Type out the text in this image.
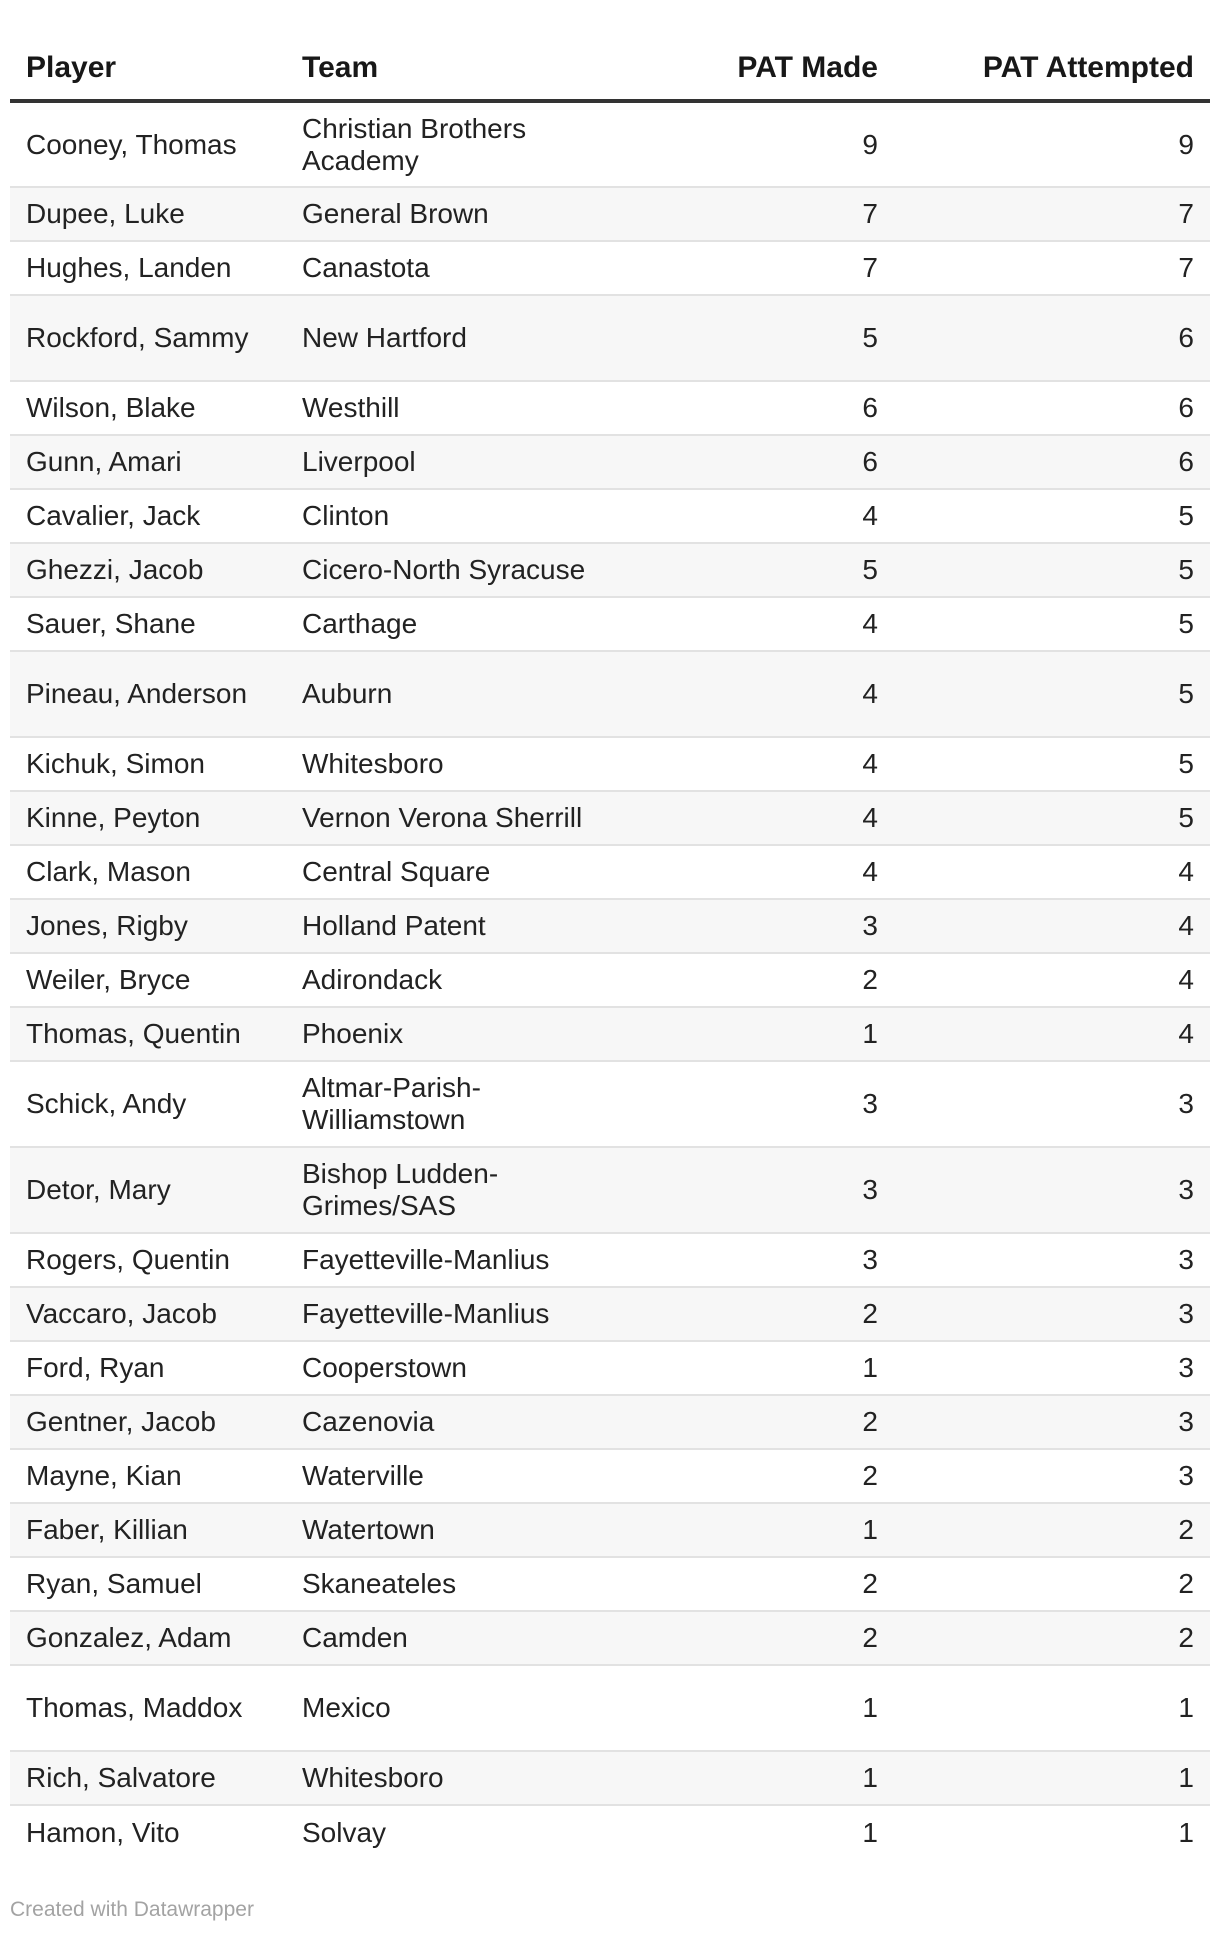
Player	Team	PAT Made	PAT Attempted
Cooney, Thomas	Christian Brothers Academy	9	9
Dupee, Luke	General Brown	7	7
Hughes, Landen	Canastota	7	7
Rockford, Sammy	New Hartford	5	6
Wilson, Blake	Westhill	6	6
Gunn, Amari	Liverpool	6	6
Cavalier, Jack	Clinton	4	5
Ghezzi, Jacob	Cicero-North Syracuse	5	5
Sauer, Shane	Carthage	4	5
Pineau, Anderson	Auburn	4	5
Kichuk, Simon	Whitesboro	4	5
Kinne, Peyton	Vernon Verona Sherrill	4	5
Clark, Mason	Central Square	4	4
Jones, Rigby	Holland Patent	3	4
Weiler, Bryce	Adirondack	2	4
Thomas, Quentin	Phoenix	1	4
Schick, Andy	Altmar-Parish-Williamstown	3	3
Detor, Mary	Bishop Ludden-Grimes/SAS	3	3
Rogers, Quentin	Fayetteville-Manlius	3	3
Vaccaro, Jacob	Fayetteville-Manlius	2	3
Ford, Ryan	Cooperstown	1	3
Gentner, Jacob	Cazenovia	2	3
Mayne, Kian	Waterville	2	3
Faber, Killian	Watertown	1	2
Ryan, Samuel	Skaneateles	2	2
Gonzalez, Adam	Camden	2	2
Thomas, Maddox	Mexico	1	1
Rich, Salvatore	Whitesboro	1	1
Hamon, Vito	Solvay	1	1
Created with Datawrapper
